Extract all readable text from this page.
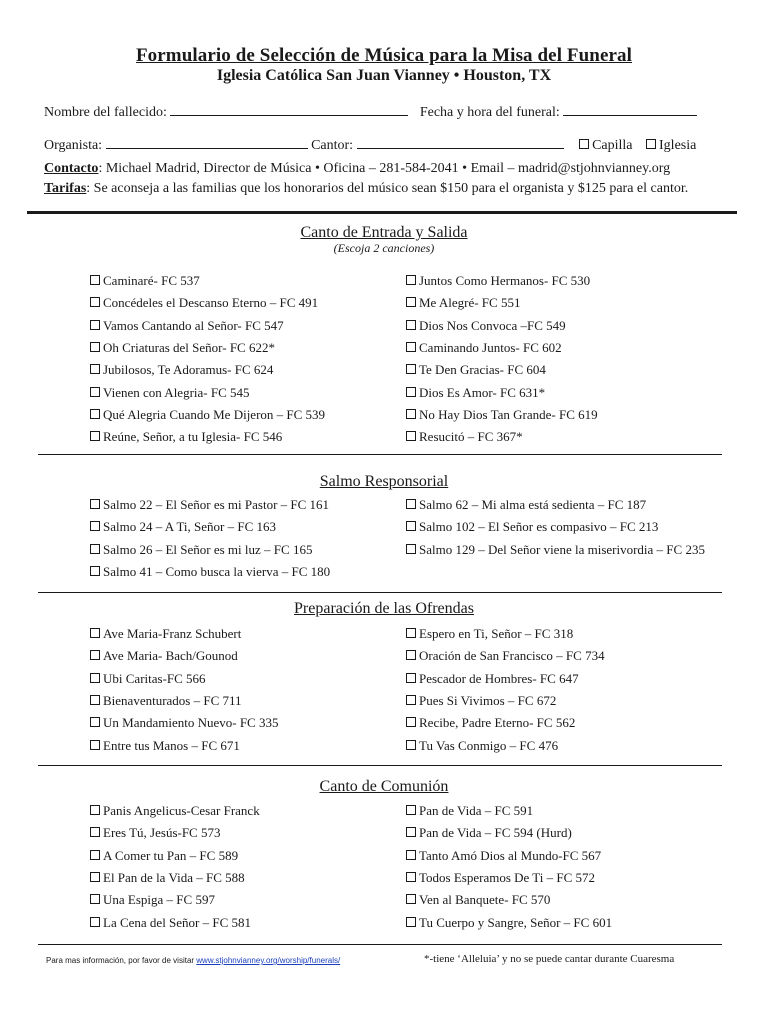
Formulario de Selección de Música para la Misa del Funeral
Iglesia Católica San Juan Vianney • Houston, TX
Nombre del fallecido:	Fecha y hora del funeral:
Organista:	Cantor:	Capilla Iglesia
Contacto: Michael Madrid, Director de Música • Oficina – 281-584-2041 • Email – madrid@stjohnvianney.org
Tarifas: Se aconseja a las familias que los honorarios del músico sean $150 para el organista y $125 para el cantor.
Canto de Entrada y Salida
(Escoja 2 canciones)
Caminaré- FC 537
Concédeles el Descanso Eterno – FC 491
Vamos Cantando al Señor- FC 547
Oh Criaturas del Señor- FC 622*
Jubilosos, Te Adoramus- FC 624
Vienen con Alegria- FC 545
Qué Alegria Cuando Me Dijeron – FC 539
Reúne, Señor, a tu Iglesia- FC 546
Juntos Como Hermanos- FC 530
Me Alegré- FC 551
Dios Nos Convoca –FC 549
Caminando Juntos- FC 602
Te Den Gracias- FC 604
Dios Es Amor- FC 631*
No Hay Dios Tan Grande- FC 619
Resucitó – FC 367*
Salmo Responsorial
Salmo 22 – El Señor es mi Pastor – FC 161
Salmo 24 – A Ti, Señor – FC 163
Salmo 26 – El Señor es mi luz – FC 165
Salmo 41 – Como busca la vierva – FC 180
Salmo 62 – Mi alma está sedienta – FC 187
Salmo 102 – El Señor es compasivo – FC 213
Salmo 129 – Del Señor viene la miserivordia – FC 235
Preparación de las Ofrendas
Ave Maria-Franz Schubert
Ave Maria- Bach/Gounod
Ubi Caritas-FC 566
Bienaventurados – FC 711
Un Mandamiento Nuevo- FC 335
Entre tus Manos – FC 671
Espero en Ti, Señor – FC 318
Oración de San Francisco – FC 734
Pescador de Hombres- FC 647
Pues Si Vivimos – FC 672
Recibe, Padre Eterno- FC 562
Tu Vas Conmigo – FC 476
Canto de Comunión
Panis Angelicus-Cesar Franck
Eres Tú, Jesús-FC 573
A Comer tu Pan – FC 589
El Pan de la Vida – FC 588
Una Espiga – FC 597
La Cena del Señor – FC 581
Pan de Vida – FC 591
Pan de Vida – FC 594 (Hurd)
Tanto Amó Dios al Mundo-FC 567
Todos Esperamos De Ti – FC 572
Ven al Banquete- FC 570
Tu Cuerpo y Sangre, Señor – FC 601
Para mas información, por favor de visitar www.stjohnvianney.org/worship/funerals/	*-tiene ‘Alleluia’ y no se puede cantar durante Cuaresma
